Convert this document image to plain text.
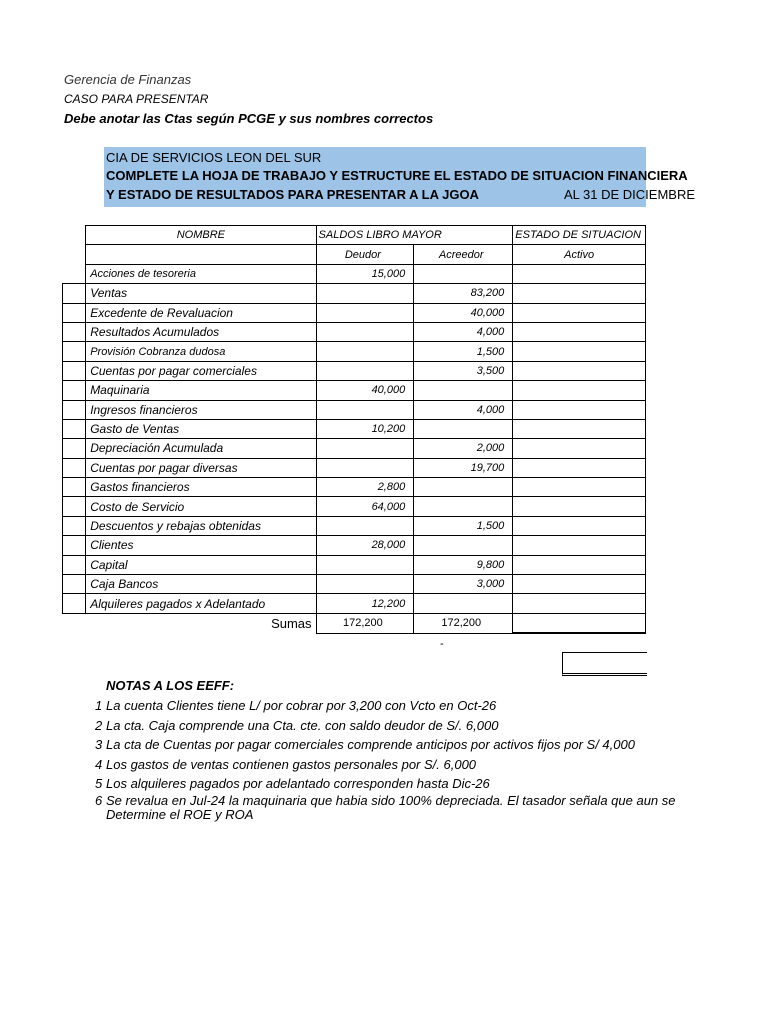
Gerencia de Finanzas
CASO PARA PRESENTAR
Debe anotar las Ctas según PCGE y sus nombres correctos
CIA DE SERVICIOS LEON DEL SUR
COMPLETE LA HOJA DE TRABAJO Y ESTRUCTURE EL ESTADO DE SITUACION FINANCIERA
Y ESTADO DE RESULTADOS PARA PRESENTAR A LA JGOA	AL 31 DE DICIEMBRE
	NOMBRE	SALDOS LIBRO MAYOR		ESTADO DE SITUACION
		Deudor	Acreedor	Activo
	Acciones de tesoreria	15,000		
	Ventas		83,200	
	Excedente de Revaluacion		40,000	
	Resultados Acumulados		4,000	
	Provisión Cobranza dudosa		1,500	
	Cuentas por pagar comerciales		3,500	
	Maquinaria	40,000		
	Ingresos financieros		4,000	
	Gasto de Ventas	10,200		
	Depreciación Acumulada		2,000	
	Cuentas por pagar diversas		19,700	
	Gastos financieros	2,800		
	Costo de Servicio	64,000		
	Descuentos y rebajas obtenidas		1,500	
	Clientes	28,000		
	Capital		9,800	
	Caja Bancos		3,000	
	Alquileres pagados x Adelantado	12,200		
	Sumas	172,200	172,200	
-
NOTAS A LOS EEFF:
1 La cuenta Clientes tiene L/ por cobrar por 3,200 con Vcto en Oct-26
2 La cta. Caja comprende una Cta. cte. con saldo deudor de S/. 6,000
3 La cta de Cuentas por pagar comerciales comprende anticipos por activos fijos por S/ 4,000
4 Los gastos de ventas contienen gastos personales por S/. 6,000
5 Los alquileres pagados por adelantado corresponden hasta Dic-26
6 Se revalua en Jul-24 la maquinaria que habia sido 100% depreciada. El tasador señala que aun se
Determine el ROE y ROA
